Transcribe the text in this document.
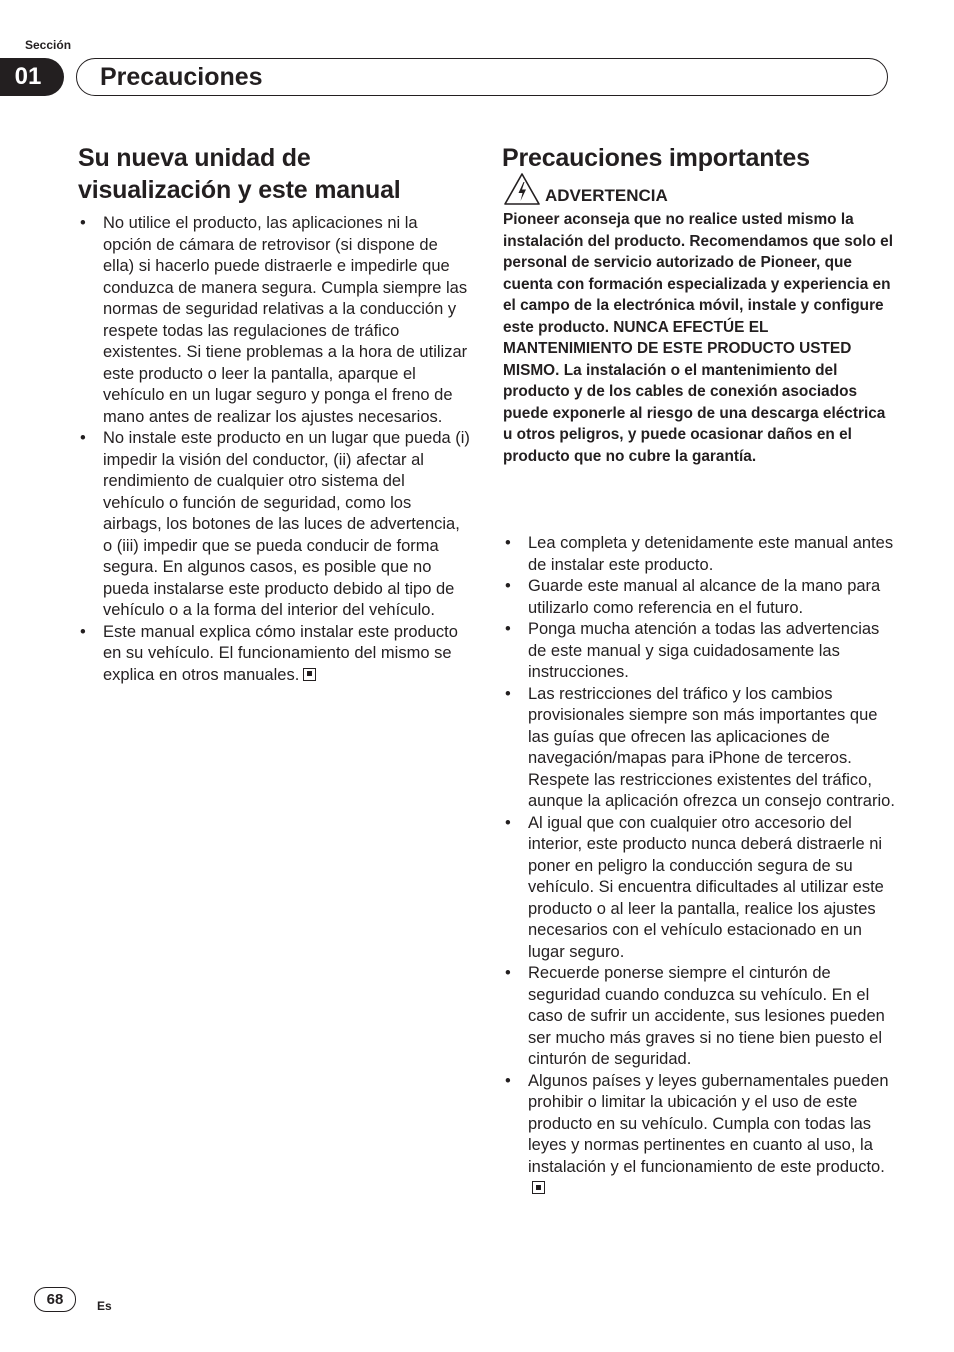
Sección
01	Precauciones
Su nueva unidad de
visualización y este manual
• No utilice el producto, las aplicaciones ni la opción de cámara de retrovisor (si dispone de ella) si hacerlo puede distraerle e impedirle que conduzca de manera segura. Cumpla siempre las normas de seguridad relativas a la conducción y respete todas las regulaciones de tráfico existentes. Si tiene problemas a la hora de utilizar este producto o leer la pantalla, aparque el vehículo en un lugar seguro y ponga el freno de mano antes de realizar los ajustes necesarios.
• No instale este producto en un lugar que pueda (i) impedir la visión del conductor, (ii) afectar al rendimiento de cualquier otro sistema del vehículo o función de seguridad, como los airbags, los botones de las luces de advertencia, o (iii) impedir que se pueda conducir de forma segura. En algunos casos, es posible que no pueda instalarse este producto debido al tipo de vehículo o a la forma del interior del vehículo.
• Este manual explica cómo instalar este producto en su vehículo. El funcionamiento del mismo se explica en otros manuales.
Precauciones importantes
ADVERTENCIA
Pioneer aconseja que no realice usted mismo la instalación del producto. Recomendamos que solo el personal de servicio autorizado de Pioneer, que cuenta con formación especializada y experiencia en el campo de la electrónica móvil, instale y configure este producto. NUNCA EFECTÚE EL MANTENIMIENTO DE ESTE PRODUCTO USTED MISMO. La instalación o el mantenimiento del producto y de los cables de conexión asociados puede exponerle al riesgo de una descarga eléctrica u otros peligros, y puede ocasionar daños en el producto que no cubre la garantía.
• Lea completa y detenidamente este manual antes de instalar este producto.
• Guarde este manual al alcance de la mano para utilizarlo como referencia en el futuro.
• Ponga mucha atención a todas las advertencias de este manual y siga cuidadosamente las instrucciones.
• Las restricciones del tráfico y los cambios provisionales siempre son más importantes que las guías que ofrecen las aplicaciones de navegación/mapas para iPhone de terceros. Respete las restricciones existentes del tráfico, aunque la aplicación ofrezca un consejo contrario.
• Al igual que con cualquier otro accesorio del interior, este producto nunca deberá distraerle ni poner en peligro la conducción segura de su vehículo. Si encuentra dificultades al utilizar este producto o al leer la pantalla, realice los ajustes necesarios con el vehículo estacionado en un lugar seguro.
• Recuerde ponerse siempre el cinturón de seguridad cuando conduzca su vehículo. En el caso de sufrir un accidente, sus lesiones pueden ser mucho más graves si no tiene bien puesto el cinturón de seguridad.
• Algunos países y leyes gubernamentales pueden prohibir o limitar la ubicación y el uso de este producto en su vehículo. Cumpla con todas las leyes y normas pertinentes en cuanto al uso, la instalación y el funcionamiento de este producto.
68	Es
